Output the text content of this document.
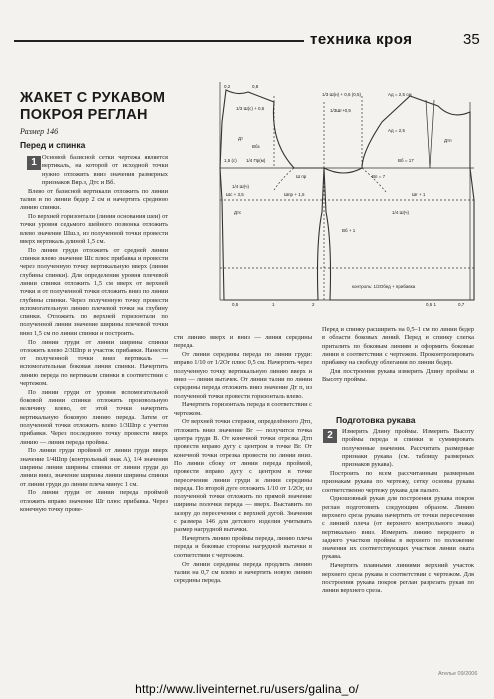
техника кроя	35
ЖАКЕТ С РУКАВОМ ПОКРОЯ РЕГЛАН
Размер 146
Перед и спинка
1 Основой базисной сетки чертежа является вертикаль, на которой от исходной точки нужно отложить вниз значения размерных признаков Вяр.з, Дтс и Вб.

Влево от базисной вертикали отложить по линии талии и по линии бедер 2 см и начертить среднюю линию спинки.

По верхней горизонтали (линия основания шеи) от точки уровня седьмого шейного позвонка отложить влево значение Шш.з, из полученной точки провести вверх вертикаль длиной 1,5 см.

По линии груди отложить от средней линии спинки влево значение Шс плюс прибавка и провести через полученную точку вертикальную вверх (линия глубины спинки). Для определения уровня плечевой линии спинки отложить 1,5 см вверх от верхней точки и от полученной точки отложить вниз по линии глубины спинки. Через полученную точку провести вспомогательную линию плечевой точки на глубину спинки. Отложить по верхней горизонтали по полученной линии значение ширины плечевой точки вниз 1,5 см по линии спинки и построить.

По линии груди от линии ширины спинки отложить влево 2/3Шпр и участок прибавки. Нанести от полученной точки вниз вертикаль — вспомогательная боковая линия спинки. Начертить линию переда по вертикали спинки в соответствии с чертежом.

По линии груди от уровня вспомогательной боковой линии спинки отложить произвольную величину влево, от этой точки начертить вертикальную боковую линию переда. Затем от полученной точки отложить влево 1/3Шпр с учетом прибавки. Через последнюю точку провести вверх линию — линия переда проймы.

По линии груди проймой от линии груди вверх значение 1/4Шпр (контрольный знак А), 1/4 значения ширины линии ширины спинки от линии груди до линии вниз, значение ширины линии ширины спинки от линии груди до линии плеча минус 1 см.

По линии груди от линии переда проймой отложить вправо значение Шг плюс прибавка. Через конечную точку прове-

сти линию вверх и вниз — линия середины переда.

От линии середины переда по линии груди: вправо 1/10 от 1/2Ог плюс 0,5 см. Начертить через полученную точку вертикальную линию вверх и вниз — линия вытачек. От линии талии по линии середины переда отложить вниз значение Дт п, из полученной точки провести горизонталь влево.

Начертить горизонталь переда в соответствии с чертежом.

От верхней точки стержня, определённого Дтп, отложить вниз значение Вг — получится точка центра груди В. От конечной точки отрезка Дтп провести вправо дугу с центром в точке Вг. От конечной точки отрезка провести по линии вниз. По линии сбоку от линии переда проймой, провести вправо дугу с центром в точке пересечения линии груди и линии середины переда. По второй дуге отложить 1/10 от 1/2Ог, из полученной точки отложить по прямой значение ширины полочки переда — вверх. Выставить по зазору до пересечения с верхней дугой. Значения с размера 146 для детского изделия учитывать размер нагрудной вытачки.

Начертить линию проймы переда, линию плеча переда и боковые стороны нагрудной вытачки в соответствии с чертежом.

От линии середины переда продлить линию талии на 0,7 см влево и начертить новую линию середины переда.

Перед и спинку расширить на 0,5–1 см по линии бедер в области боковых линий. Перед и спинку слегка приталить по боковым линиям и оформить боковые линии в соответствии с чертежом. Проконтролировать прибавку на свободу облегания по линии бедер.

Для построения рукава измерить Длину проймы и Высоту проймы.

Подготовка рукава
2	Измерить Длину проймы. Измерить Высоту проймы переда и спинки и суммировать полученные значения. Рассчитать размерные признаки рукава (см. таблицу размерных признаков рукава).

Построить по всем рассчитанным размерным признакам рукава по чертежу, сетку основы рукава соответственно чертежу рукава для пальто.

Одношовный рукав для построения рукава покроя реглан подготовить следующим образом. Линию верхнего среза рукава начертить от точки пересечения с линией плеча (от верхнего контрольного знака) вертикально вниз. Измерить линию переднего и заднего участков проймы в верхнего по положение значения их соответствующих участков линии оката рукава.

Начертить плавными линиями верхний участок верхнего среза рукава в соответствии с чертежом. Для построения рукава покроя реглан разрезать рукав по линии верхнего среза.

0,2	0,8
1/3 Ш(н) + 0,6 (0,5)	Ад = 2,5 см
1/3 Ш(с) + 0,5	1/3Шг+0,5
Ад = 2,5
Дт	Дтп
Вбз
1,5 (с) 1/4 Пр(м)	Вб = 17
Ш пр	Вп = 7
1/4 Ш(ч)
Шс + 3,5	Шпр + 1,5	Шг + 1
Дтс	1/4 Ш(ч)
Вб + 1
контроль: 1/2Обед + прибавка
0,5	1	2	0,5 1	0,7
Ателье 09/2006
http://www.liveinternet.ru/users/galina_o/
